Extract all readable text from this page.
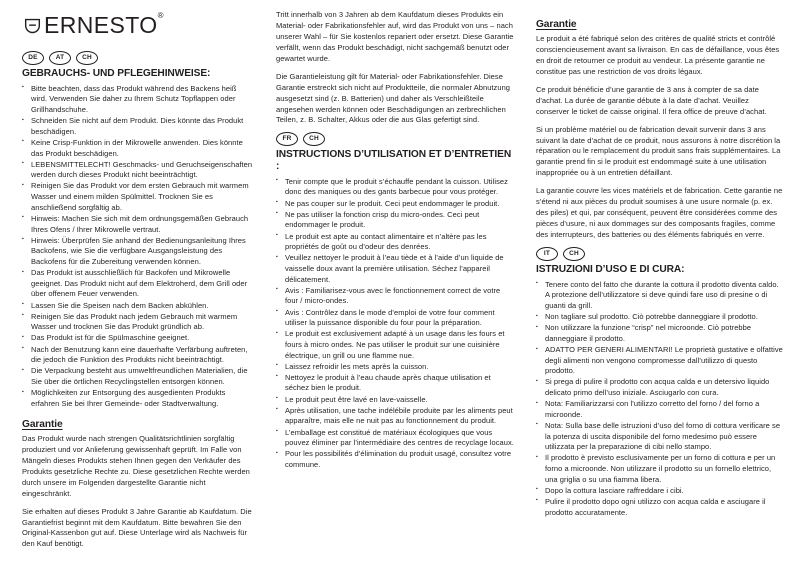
ERNESTO®
DE	AT	CH
GEBRAUCHS- UND PFLEGEHINWEISE:
▪ Bitte beachten, dass das Produkt während des Backens heiß wird. Verwenden Sie daher zu Ihrem Schutz Topflappen oder Grillhandschuhe.
▪ Schneiden Sie nicht auf dem Produkt. Dies könnte das Produkt beschädigen.
▪ Keine Crisp-Funktion in der Mikrowelle anwenden. Dies könnte das Produkt beschädigen.
▪ LEBENSMITTELECHT! Geschmacks- und Geruchseigenschaften werden durch dieses Produkt nicht beeinträchtigt.
▪ Reinigen Sie das Produkt vor dem ersten Gebrauch mit warmem Wasser und einem milden Spülmittel. Trocknen Sie es anschließend sorgfältig ab.
▪ Hinweis: Machen Sie sich mit dem ordnungsgemäßen Gebrauch Ihres Ofens / Ihrer Mikrowelle vertraut.
▪ Hinweis: Überprüfen Sie anhand der Bedienungsanleitung Ihres Backofens, wie Sie die verfügbare Ausgangsleistung des Backofens für die Zubereitung verwenden können.
▪ Das Produkt ist ausschließlich für Backofen und Mikrowelle geeignet. Das Produkt nicht auf dem Elektroherd, dem Grill oder über offenem Feuer verwenden.
▪ Lassen Sie die Speisen nach dem Backen abkühlen.
▪ Reinigen Sie das Produkt nach jedem Gebrauch mit warmem Wasser und trocknen Sie das Produkt gründlich ab.
▪ Das Produkt ist für die Spülmaschine geeignet.
▪ Nach der Benutzung kann eine dauerhafte Verfärbung auftreten, die jedoch die Funktion des Produkts nicht beeinträchtigt.
▪ Die Verpackung besteht aus umweltfreundlichen Materialien, die Sie über die örtlichen Recyclingstellen entsorgen können.
▪ Möglichkeiten zur Entsorgung des ausgedienten Produkts erfahren Sie bei Ihrer Gemeinde- oder Stadtverwaltung.
Garantie

Das Produkt wurde nach strengen Qualitätsrichtlinien sorgfältig produziert und vor Anlieferung gewissenhaft geprüft. Im Falle von Mängeln dieses Produkts stehen Ihnen gegen den Verkäufer des Produkts gesetzliche Rechte zu. Diese gesetzlichen Rechte werden durch unsere im Folgenden dargestellte Garantie nicht eingeschränkt.

Sie erhalten auf dieses Produkt 3 Jahre Garantie ab Kaufdatum. Die Garantiefrist beginnt mit dem Kaufdatum. Bitte bewahren Sie den Original-Kassenbon gut auf. Diese Unterlage wird als Nachweis für den Kauf benötigt.

Tritt innerhalb von 3 Jahren ab dem Kaufdatum dieses Produkts ein Material- oder Fabrikationsfehler auf, wird das Produkt von uns – nach unserer Wahl – für Sie kostenlos repariert oder ersetzt. Diese Garantie verfällt, wenn das Produkt beschädigt, nicht sachgemäß benutzt oder gewartet wurde.

Die Garantieleistung gilt für Material- oder Fabrikationsfehler. Diese Garantie erstreckt sich nicht auf Produktteile, die normaler Abnutzung ausgesetzt sind (z. B. Batterien) und daher als Verschleißteile angesehen werden können oder Beschädigungen an zerbrechlichen Teilen, z. B. Schalter, Akkus oder die aus Glas gefertigt sind.

FR	CH
INSTRUCTIONS D’UTILISATION ET D’ENTRETIEN :
▪ Tenir compte que le produit s’échauffe pendant la cuisson. Utilisez donc des maniques ou des gants barbecue pour vous protéger.
▪ Ne pas couper sur le produit. Ceci peut endommager le produit.
▪ Ne pas utiliser la fonction crisp du micro-ondes. Ceci peut endommager le produit.
▪ Le produit est apte au contact alimentaire et n’altère pas les propriétés de goût ou d’odeur des denrées.
▪ Veuillez nettoyer le produit à l’eau tiède et à l’aide d’un liquide de vaisselle doux avant la première utilisation. Séchez l’appareil délicatement.
▪ Avis : Familiarisez-vous avec le fonctionnement correct de votre four / micro-ondes.
▪ Avis : Contrôlez dans le mode d’emploi de votre four comment utiliser la puissance disponible du four pour la préparation.
▪ Le produit est exclusivement adapté à un usage dans les fours et fours à micro ondes. Ne pas utiliser le produit sur une cuisinière électrique, un grill ou une flamme nue.
▪ Laissez refroidir les mets après la cuisson.
▪ Nettoyez le produit à l’eau chaude après chaque utilisation et séchez bien le produit.
▪ Le produit peut être lavé en lave-vaisselle.
▪ Après utilisation, une tache indélébile produite par les aliments peut apparaître, mais elle ne nuit pas au fonctionnement du produit.
▪ L’emballage est constitué de matériaux écologiques que vous pouvez éliminer par l’intermédiaire des centres de recyclage locaux.
▪ Pour les possibilités d’élimination du produit usagé, consultez votre commune.
Garantie

Le produit a été fabriqué selon des critères de qualité stricts et contrôlé consciencieusement avant sa livraison. En cas de défaillance, vous êtes en droit de retourner ce produit au vendeur. La présente garantie ne constitue pas une restriction de vos droits légaux.

Ce produit bénéficie d’une garantie de 3 ans à compter de sa date d’achat. La durée de garantie débute à la date d’achat. Veuillez conserver le ticket de caisse original. Il fera office de preuve d’achat.

Si un problème matériel ou de fabrication devait survenir dans 3 ans suivant la date d’achat de ce produit, nous assurons à notre discrétion la réparation ou le remplacement du produit sans frais supplémentaires. La garantie prend fin si le produit est endommagé suite à une utilisation inappropriée ou à un entretien défaillant.

La garantie couvre les vices matériels et de fabrication. Cette garantie ne s’étend ni aux pièces du produit soumises à une usure normale (p. ex. des piles) et qui, par conséquent, peuvent être considérées comme des pièces d’usure, ni aux dommages sur des composants fragiles, comme des interrupteurs, des batteries ou des éléments fabriqués en verre.

IT	CH
ISTRUZIONI D’USO E DI CURA:
▪ Tenere conto del fatto che durante la cottura il prodotto diventa caldo. A protezione dell’utilizzatore si deve quindi fare uso di presine o di guanti da grill.
▪ Non tagliare sul prodotto. Ciò potrebbe danneggiare il prodotto.
▪ Non utilizzare la funzione “crisp” nel microonde. Ciò potrebbe danneggiare il prodotto.
▪ ADATTO PER GENERI ALIMENTARI! Le proprietà gustative e olfattive degli alimenti non vengono compromesse dall’utilizzo di questo prodotto.
▪ Si prega di pulire il prodotto con acqua calda e un detersivo liquido delicato primo dell’uso iniziale. Asciugarlo con cura.
▪ Nota: Familiarizzarsi con l’utilizzo corretto del forno / del forno a microonde.
▪ Nota: Sulla base delle istruzioni d’uso del forno di cottura verificare se la potenza di uscita disponibile del forno medesimo può essere utilizzata per la preparazione di cibi nello stampo.
▪ Il prodotto è previsto esclusivamente per un forno di cottura e per un forno a microonde. Non utilizzare il prodotto su un fornello elettrico, una griglia o su una fiamma libera.
▪ Dopo la cottura lasciare raffreddare i cibi.
▪ Pulire il prodotto dopo ogni utilizzo con acqua calda e asciugare il prodotto accuratamente.
